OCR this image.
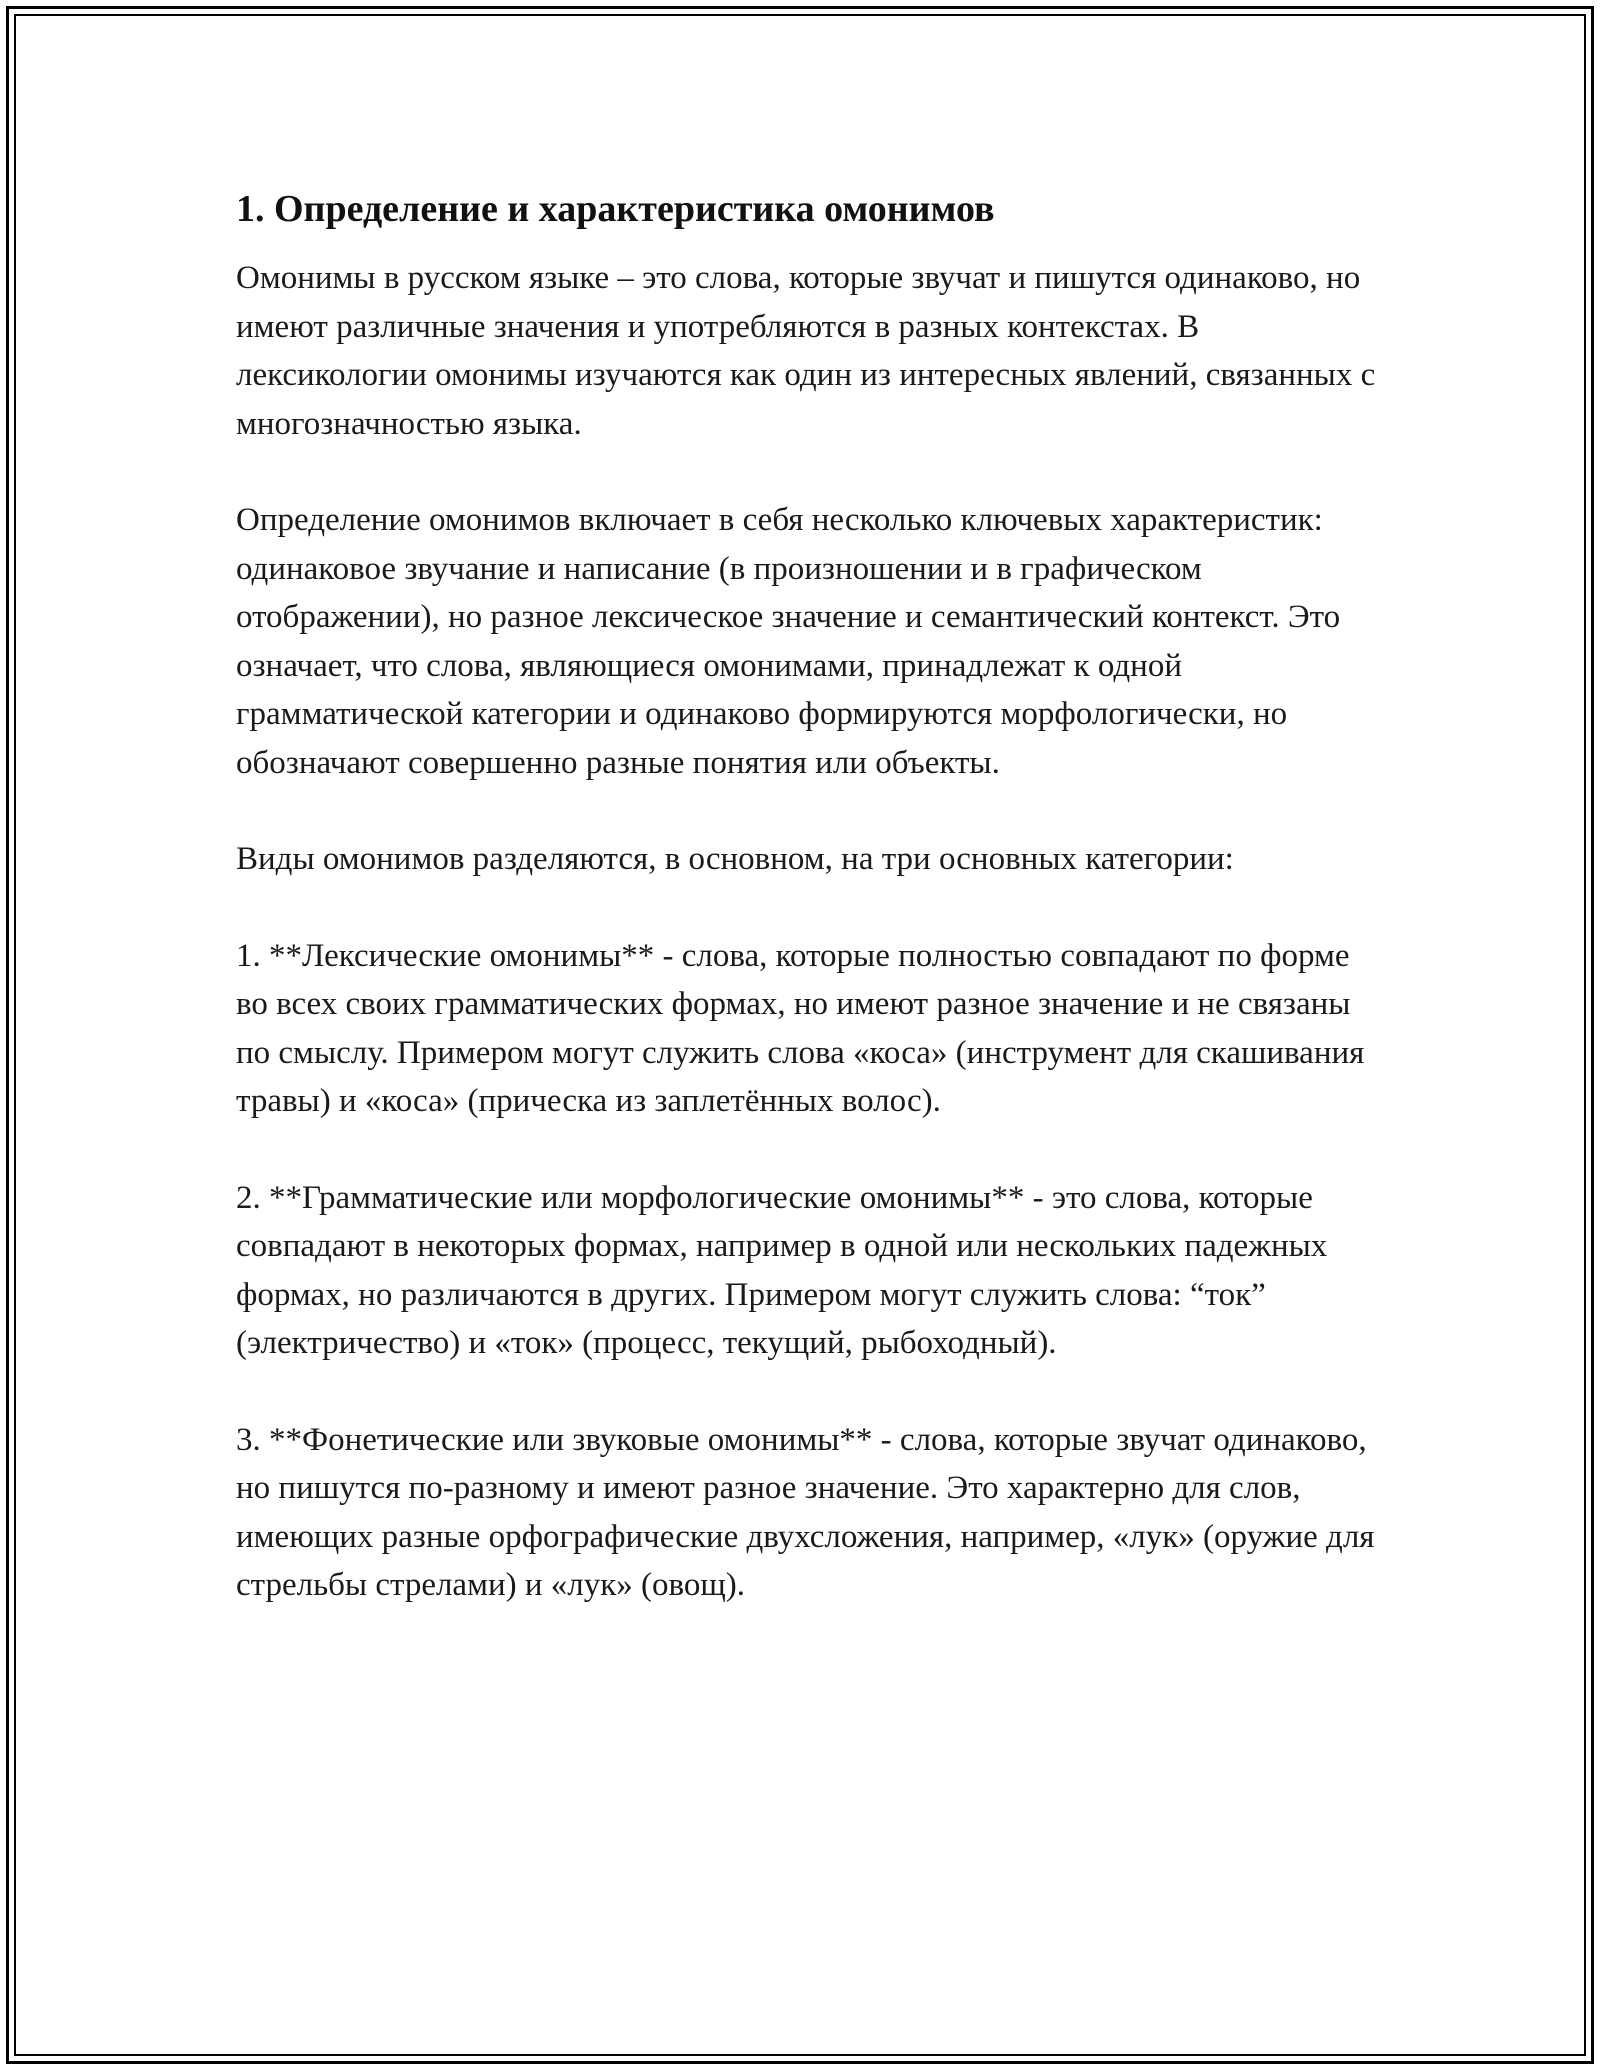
1. Определение и характеристика омонимов

Омонимы в русском языке – это слова, которые звучат и пишутся одинаково, но имеют различные значения и употребляются в разных контекстах. В лексикологии омонимы изучаются как один из интересных явлений, связанных с многозначностью языка.

Определение омонимов включает в себя несколько ключевых характеристик: одинаковое звучание и написание (в произношении и в графическом отображении), но разное лексическое значение и семантический контекст. Это означает, что слова, являющиеся омонимами, принадлежат к одной грамматической категории и одинаково формируются морфологически, но обозначают совершенно разные понятия или объекты.

Виды омонимов разделяются, в основном, на три основных категории:

1. **Лексические омонимы** - слова, которые полностью совпадают по форме во всех своих грамматических формах, но имеют разное значение и не связаны по смыслу. Примером могут служить слова «коса» (инструмент для скашивания травы) и «коса» (прическа из заплетённых волос).

2. **Грамматические или морфологические омонимы** - это слова, которые совпадают в некоторых формах, например в одной или нескольких падежных формах, но различаются в других. Примером могут служить слова: “ток” (электричество) и «ток» (процесс, текущий, рыбоходный).

3. **Фонетические или звуковые омонимы** - слова, которые звучат одинаково, но пишутся по-разному и имеют разное значение. Это характерно для слов, имеющих разные орфографические двухсложения, например, «лук» (оружие для стрельбы стрелами) и «лук» (овощ).
